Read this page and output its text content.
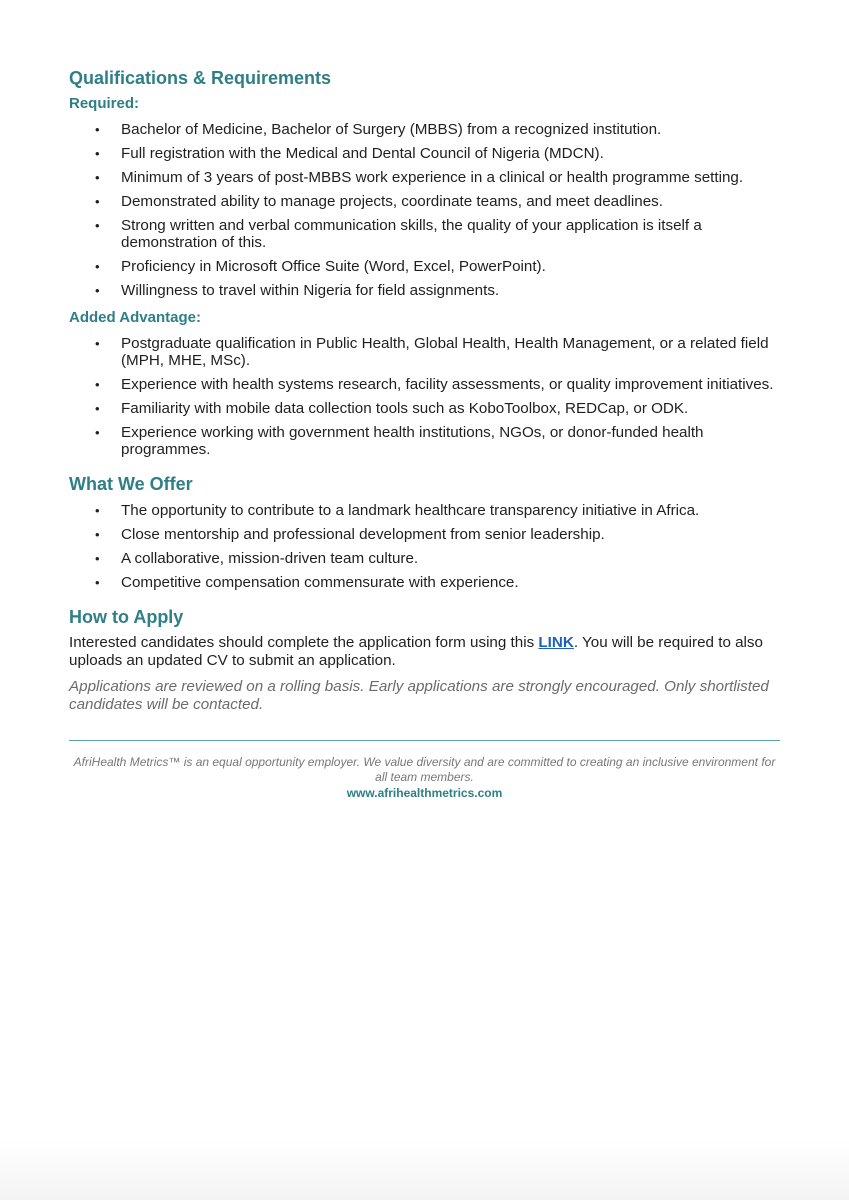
Qualifications & Requirements
Required:
• Bachelor of Medicine, Bachelor of Surgery (MBBS) from a recognized institution.
• Full registration with the Medical and Dental Council of Nigeria (MDCN).
• Minimum of 3 years of post-MBBS work experience in a clinical or health programme setting.
• Demonstrated ability to manage projects, coordinate teams, and meet deadlines.
• Strong written and verbal communication skills, the quality of your application is itself a demonstration of this.
• Proficiency in Microsoft Office Suite (Word, Excel, PowerPoint).
• Willingness to travel within Nigeria for field assignments.
Added Advantage:
• Postgraduate qualification in Public Health, Global Health, Health Management, or a related field (MPH, MHE, MSc).
• Experience with health systems research, facility assessments, or quality improvement initiatives.
• Familiarity with mobile data collection tools such as KoboToolbox, REDCap, or ODK.
• Experience working with government health institutions, NGOs, or donor-funded health programmes.
What We Offer
• The opportunity to contribute to a landmark healthcare transparency initiative in Africa.
• Close mentorship and professional development from senior leadership.
• A collaborative, mission-driven team culture.
• Competitive compensation commensurate with experience.
How to Apply

Interested candidates should complete the application form using this LINK. You will be required to also uploads an updated CV to submit an application.

Applications are reviewed on a rolling basis. Early applications are strongly encouraged. Only shortlisted candidates will be contacted.

AfriHealth Metrics™ is an equal opportunity employer. We value diversity and are committed to creating an inclusive environment for all team members.
www.afrihealthmetrics.com
